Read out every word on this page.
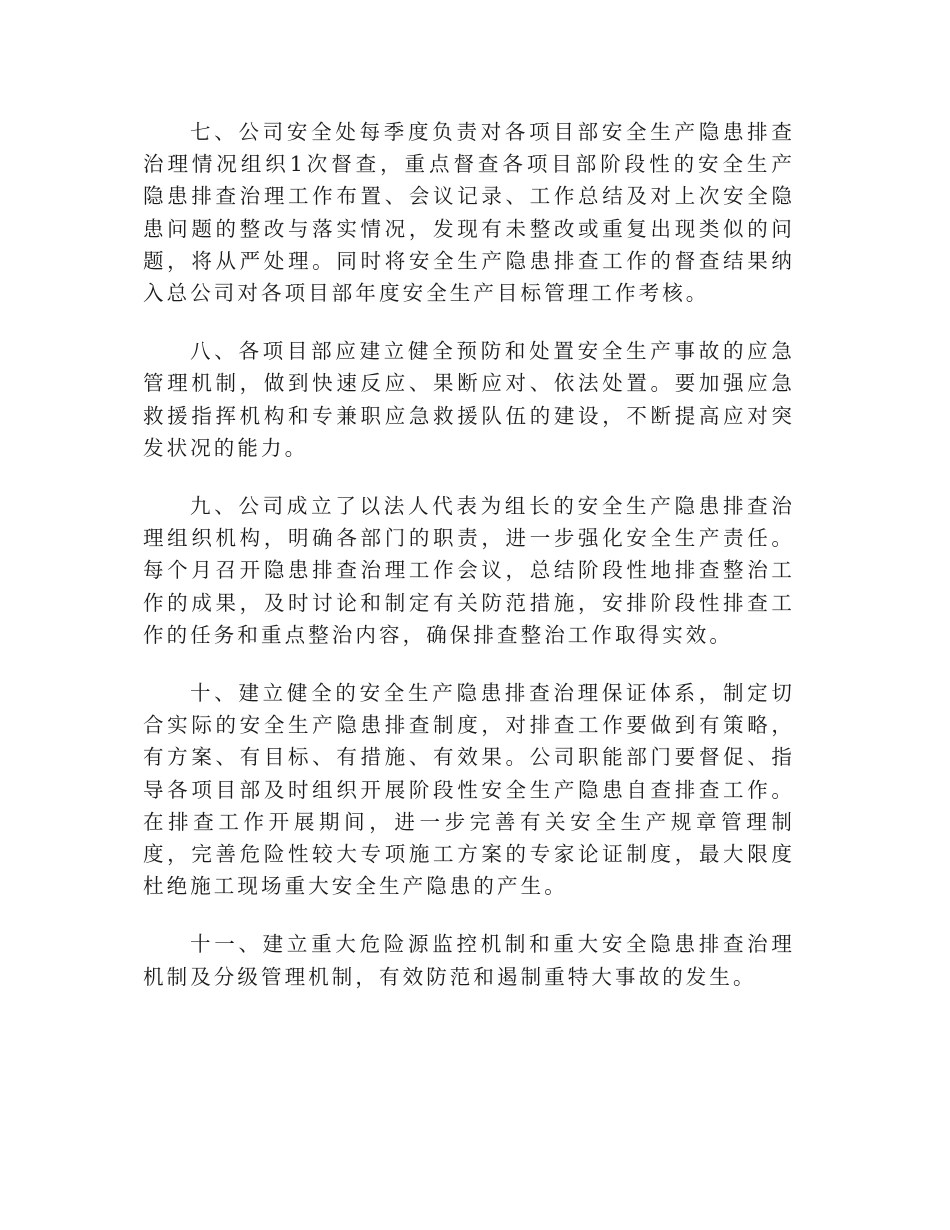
七、公司安全处每季度负责对各项目部安全生产隐患排查治理情况组织1次督查，重点督查各项目部阶段性的安全生产隐患排查治理工作布置、会议记录、工作总结及对上次安全隐患问题的整改与落实情况，发现有未整改或重复出现类似的问题，将从严处理。同时将安全生产隐患排查工作的督查结果纳入总公司对各项目部年度安全生产目标管理工作考核。

八、各项目部应建立健全预防和处置安全生产事故的应急管理机制，做到快速反应、果断应对、依法处置。要加强应急救援指挥机构和专兼职应急救援队伍的建设，不断提高应对突发状况的能力。

九、公司成立了以法人代表为组长的安全生产隐患排查治理组织机构，明确各部门的职责，进一步强化安全生产责任。每个月召开隐患排查治理工作会议，总结阶段性地排查整治工作的成果，及时讨论和制定有关防范措施，安排阶段性排查工作的任务和重点整治内容，确保排查整治工作取得实效。

十、建立健全的安全生产隐患排查治理保证体系，制定切合实际的安全生产隐患排查制度，对排查工作要做到有策略，有方案、有目标、有措施、有效果。公司职能部门要督促、指导各项目部及时组织开展阶段性安全生产隐患自查排查工作。在排查工作开展期间，进一步完善有关安全生产规章管理制度，完善危险性较大专项施工方案的专家论证制度，最大限度杜绝施工现场重大安全生产隐患的产生。

十一、建立重大危险源监控机制和重大安全隐患排查治理机制及分级管理机制，有效防范和遏制重特大事故的发生。
